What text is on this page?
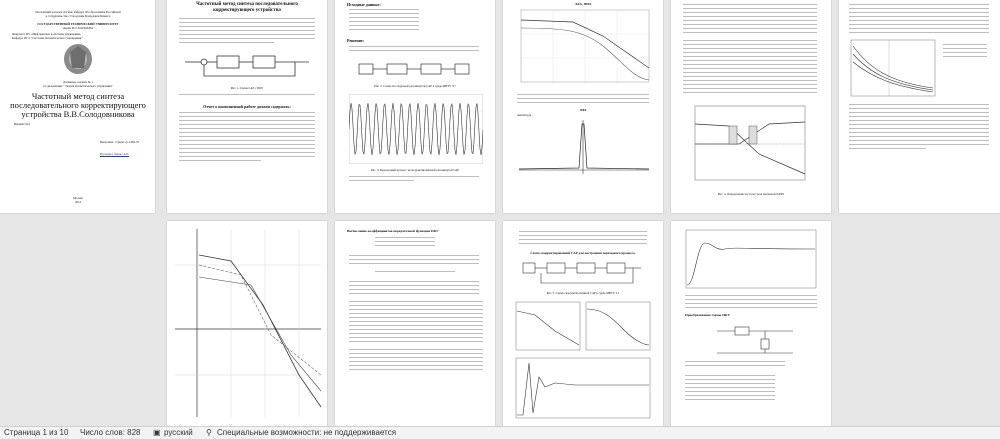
Московский колледж Логики, кафедра Об.образования Российской
в сотрудничестве с Городским Колледжем Бизнеса
ГОСУДАРСТВЕННЫЙ ТЕХНИЧЕСКИЙ УНИВЕРСИТЕТ
имени Н.Э. БАУМАНА
Факультет ИУ «Информатика и системы управления»
Кафедра ИУ-1 "Системы автоматического управления"
Домашнее задание № 1
по дисциплине " Теория автоматического управления"
Частотный метод синтеза последовательного корректирующего устройства В.В.Солодовникова
Вариант №4
Выполнил: студент гр.СМ6-79
Проверил: Ляшко А.И.
Москва
2014
Частотный метод синтеза последовательного корректирующего устройства
Рис. 1. Схема САР с ПКУ
Отчет о выполненной работе должен содержать:
Исходные данные:
Решение:
Рис. 2. Схема исследуемой разомкнутой САР в среде МВТУ 3.7
Рис. 3. Переходный процесс нескорректированной разомкнутой САР
ЛАХ, ФЧХ
АЧХ
Амплитуда
Рис. 4. Определение частоты среза желаемой ЛАЧХ
Вычисление коэффициентов передаточной функции ПКУ
Схема скорректированной САР для построения переходного процесса.
Рис. 5. Схема скорректированной САР в среде МВТУ 3.7
Преобразование схемы ПКУ.
Страница 1 из 10 Число слов: 828 ▣ русский ⚲ Специальные возможности: не поддерживается
